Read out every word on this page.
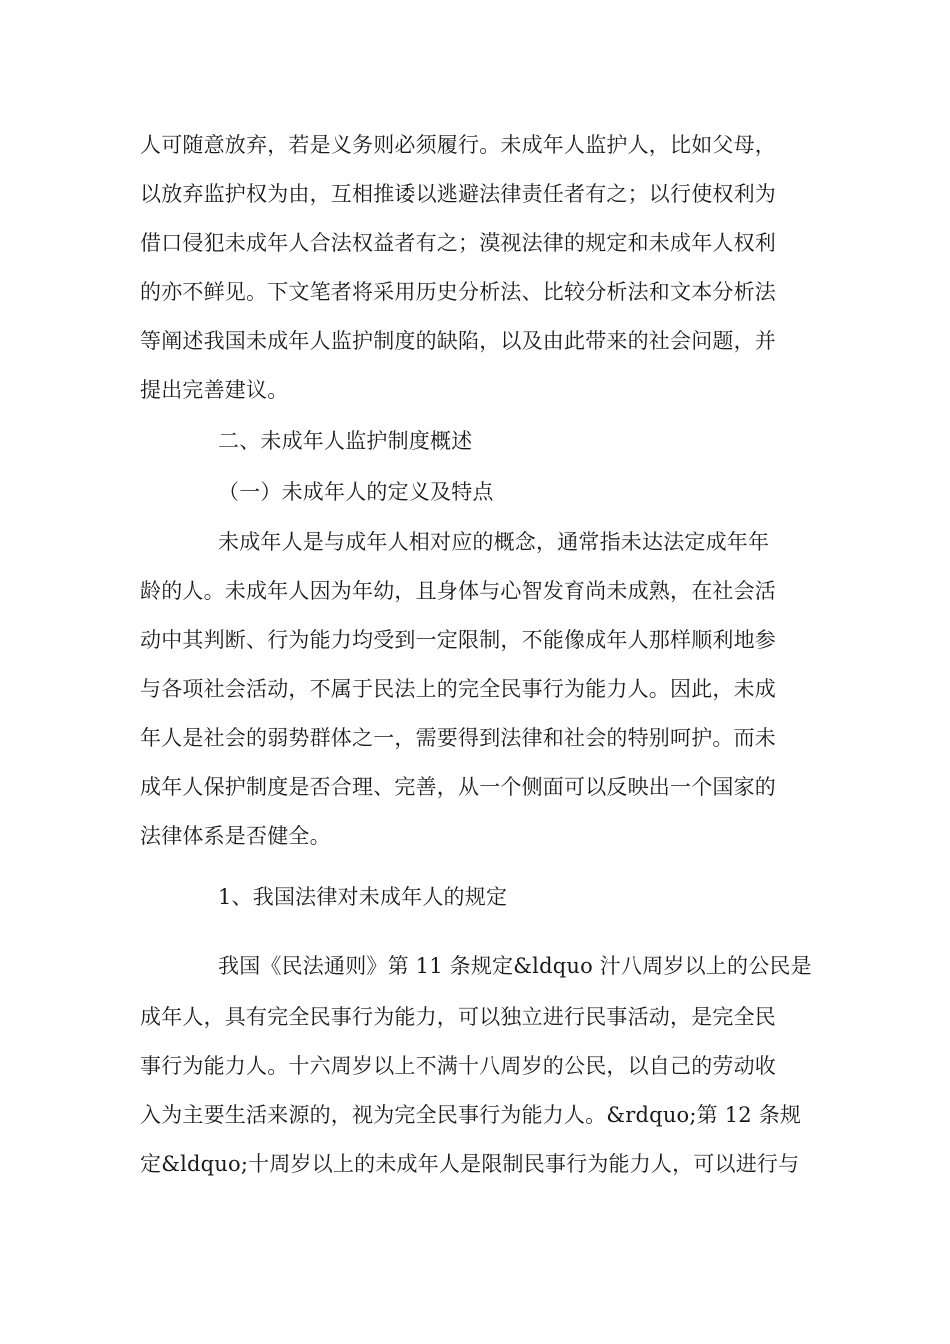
人可随意放弃，若是义务则必须履行。未成年人监护人，比如父母，
以放弃监护权为由，互相推诿以逃避法律责任者有之；以行使权利为
借口侵犯未成年人合法权益者有之；漠视法律的规定和未成年人权利
的亦不鲜见。下文笔者将采用历史分析法、比较分析法和文本分析法
等阐述我国未成年人监护制度的缺陷，以及由此带来的社会问题，并
提出完善建议。
二、未成年人监护制度概述
（一）未成年人的定义及特点
未成年人是与成年人相对应的概念，通常指未达法定成年年
龄的人。未成年人因为年幼，且身体与心智发育尚未成熟，在社会活
动中其判断、行为能力均受到一定限制，不能像成年人那样顺利地参
与各项社会活动，不属于民法上的完全民事行为能力人。因此，未成
年人是社会的弱势群体之一，需要得到法律和社会的特别呵护。而未
成年人保护制度是否合理、完善，从一个侧面可以反映出一个国家的
法律体系是否健全。
1、我国法律对未成年人的规定
我国《民法通则》第 11 条规定&ldquo 汁八周岁以上的公民是
成年人，具有完全民事行为能力，可以独立进行民事活动，是完全民
事行为能力人。十六周岁以上不满十八周岁的公民，以自己的劳动收
入为主要生活来源的，视为完全民事行为能力人。&rdquo;第 12 条规
定&ldquo;十周岁以上的未成年人是限制民事行为能力人，可以进行与
